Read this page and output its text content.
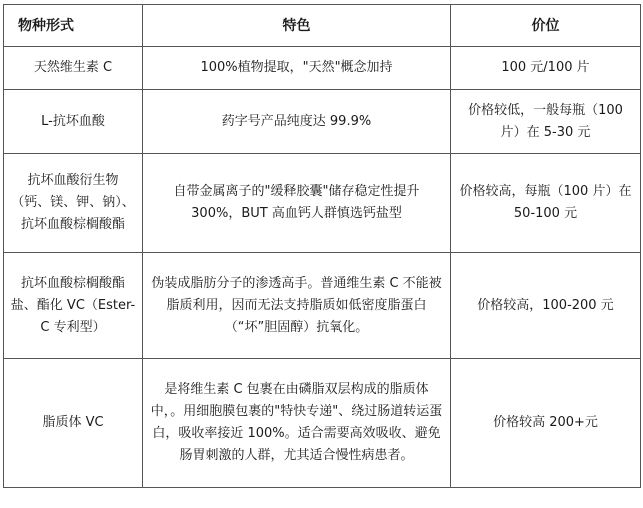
物种形式	特色	价位
天然维生素 C	100%植物提取，"天然"概念加持	100 元/100 片
L-抗坏血酸	药字号产品纯度达 99.9%	价格较低，一般每瓶（100 片）在 5-30 元
抗坏血酸衍生物（钙、镁、钾、钠）、抗坏血酸棕榈酸酯	自带金属离子的"缓释胶囊"储存稳定性提升 300%，BUT 高血钙人群慎选钙盐型	价格较高，每瓶（100 片）在 50-100 元
抗坏血酸棕榈酸酯盐、酯化 VC（Ester-C 专利型）	伪装成脂肪分子的渗透高手。普通维生素 C 不能被脂质利用，因而无法支持脂质如低密度脂蛋白（“坏”胆固醇）抗氧化。	价格较高，100-200 元
脂质体 VC	是将维生素 C 包裹在由磷脂双层构成的脂质体中，。用细胞膜包裹的"特快专递"、绕过肠道转运蛋白，吸收率接近 100%。适合需要高效吸收、避免肠胃刺激的人群，尤其适合慢性病患者。	价格较高 200+元
